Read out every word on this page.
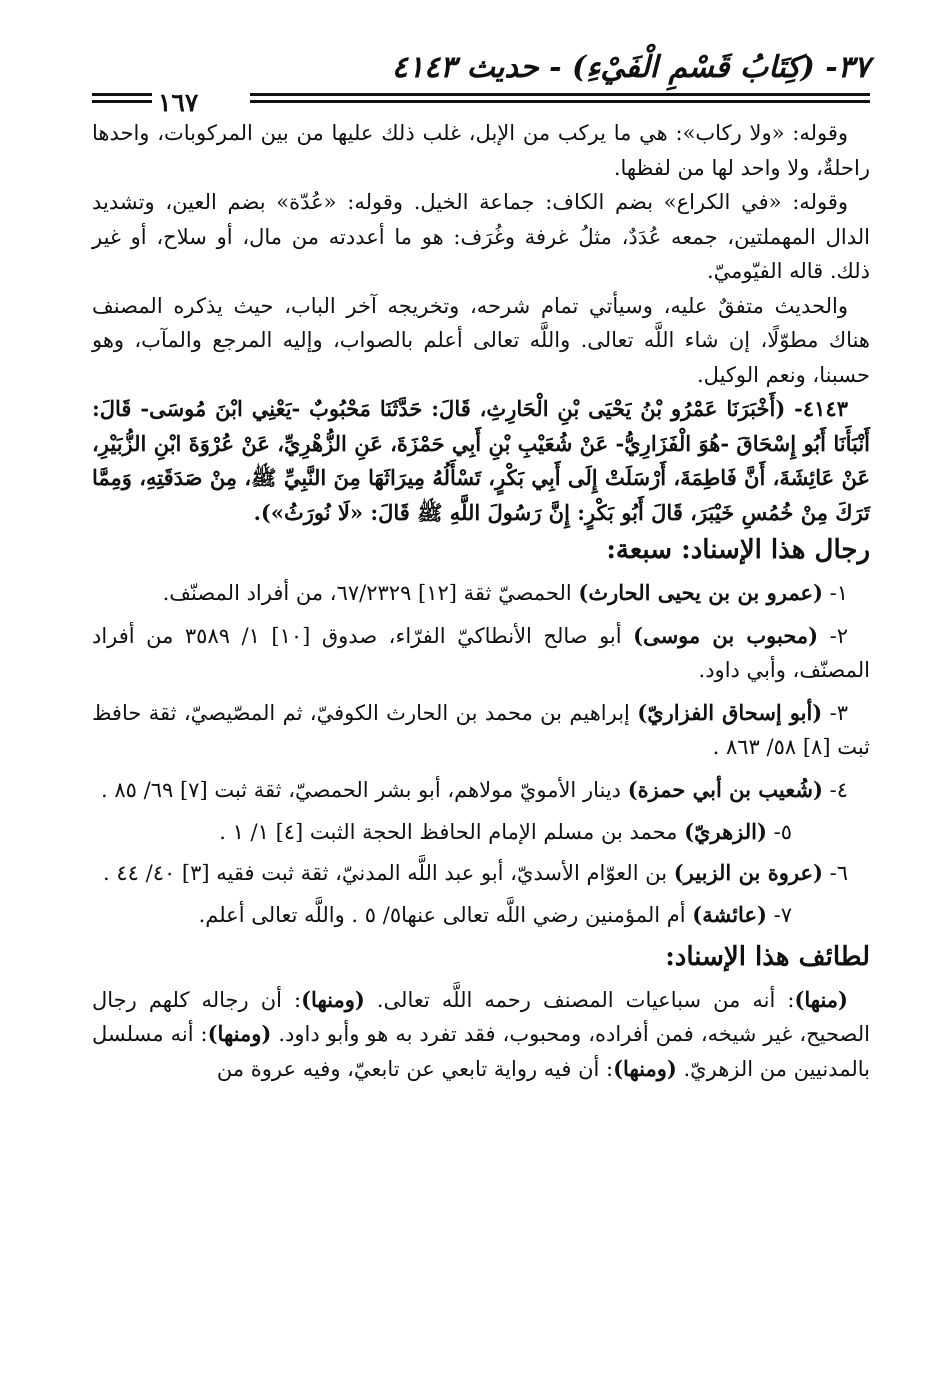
٣٧- (كِتَابُ قَسْمِ الْفَيْءِ) - حديث ٤١٤٣
١٦٧

وقوله: «ولا ركاب»: هي ما يركب من الإبل، غلب ذلك عليها من بين المركوبات، واحدها راحلةٌ، ولا واحد لها من لفظها.

وقوله: «في الكراع» بضم الكاف: جماعة الخيل. وقوله: «عُدّة» بضم العين، وتشديد الدال المهملتين، جمعه عُدَدٌ، مثلُ غرفة وغُرَف: هو ما أعددته من مال، أو سلاح، أو غير ذلك. قاله الفيّوميّ.

والحديث متفقٌ عليه، وسيأتي تمام شرحه، وتخريجه آخر الباب، حيث يذكره المصنف هناك مطوّلًا، إن شاء اللَّه تعالى. واللَّه تعالى أعلم بالصواب، وإليه المرجع والمآب، وهو حسبنا، ونعم الوكيل.

٤١٤٣- (أَخْبَرَنَا عَمْرُو بْنُ يَحْيَى بْنِ الْحَارِثِ، قَالَ: حَدَّثَنَا مَحْبُوبٌ -يَعْنِي ابْنَ مُوسَى- قَالَ: أَنْبَأَنَا أَبُو إِسْحَاقَ -هُوَ الْفَزَارِيُّ- عَنْ شُعَيْبِ بْنِ أَبِي حَمْزَةَ، عَنِ الزُّهْرِيِّ، عَنْ عُرْوَةَ ابْنِ الزُّبَيْرِ، عَنْ عَائِشَةَ، أَنَّ فَاطِمَةَ، أَرْسَلَتْ إِلَى أَبِي بَكْرٍ، تَسْأَلُهُ مِيرَاثَهَا مِنَ النَّبِيِّ ﷺ، مِنْ صَدَقَتِهِ، وَمِمَّا تَرَكَ مِنْ خُمُسِ خَيْبَرَ، قَالَ أَبُو بَكْرٍ: إِنَّ رَسُولَ اللَّهِ ﷺ قَالَ: «لَا نُورَثُ»).

رجال هذا الإسناد: سبعة:

١- (عمرو بن بن يحيى الحارث) الحمصيّ ثقة [١٢] ٦٧/٢٣٢٩، من أفراد المصنّف.

٢- (محبوب بن موسى) أبو صالح الأنطاكيّ الفرّاء، صدوق [١٠] ١/ ٣٥٨٩ من أفراد المصنّف، وأبي داود.

٣- (أبو إسحاق الفزاريّ) إبراهيم بن محمد بن الحارث الكوفيّ، ثم المصّيصيّ، ثقة حافظ ثبت [٨] ٥٨/ ٨٦٣ .

٤- (شُعيب بن أبي حمزة) دينار الأمويّ مولاهم، أبو بشر الحمصيّ، ثقة ثبت [٧] ٦٩/ ٨٥ .

٥- (الزهريّ) محمد بن مسلم الإمام الحافظ الحجة الثبت [٤] ١/ ١ .

٦- (عروة بن الزبير) بن العوّام الأسديّ، أبو عبد اللَّه المدنيّ، ثقة ثبت فقيه [٣] ٤٠/ ٤٤ .

٧- (عائشة) أم المؤمنين رضي اللَّه تعالى عنها٥/ ٥ . واللَّه تعالى أعلم.

لطائف هذا الإسناد:

(منها): أنه من سباعيات المصنف رحمه اللَّه تعالى. (ومنها): أن رجاله كلهم رجال الصحيح، غير شيخه، فمن أفراده، ومحبوب، فقد تفرد به هو وأبو داود. (ومنها): أنه مسلسل بالمدنيين من الزهريّ. (ومنها): أن فيه رواية تابعي عن تابعيّ، وفيه عروة من
